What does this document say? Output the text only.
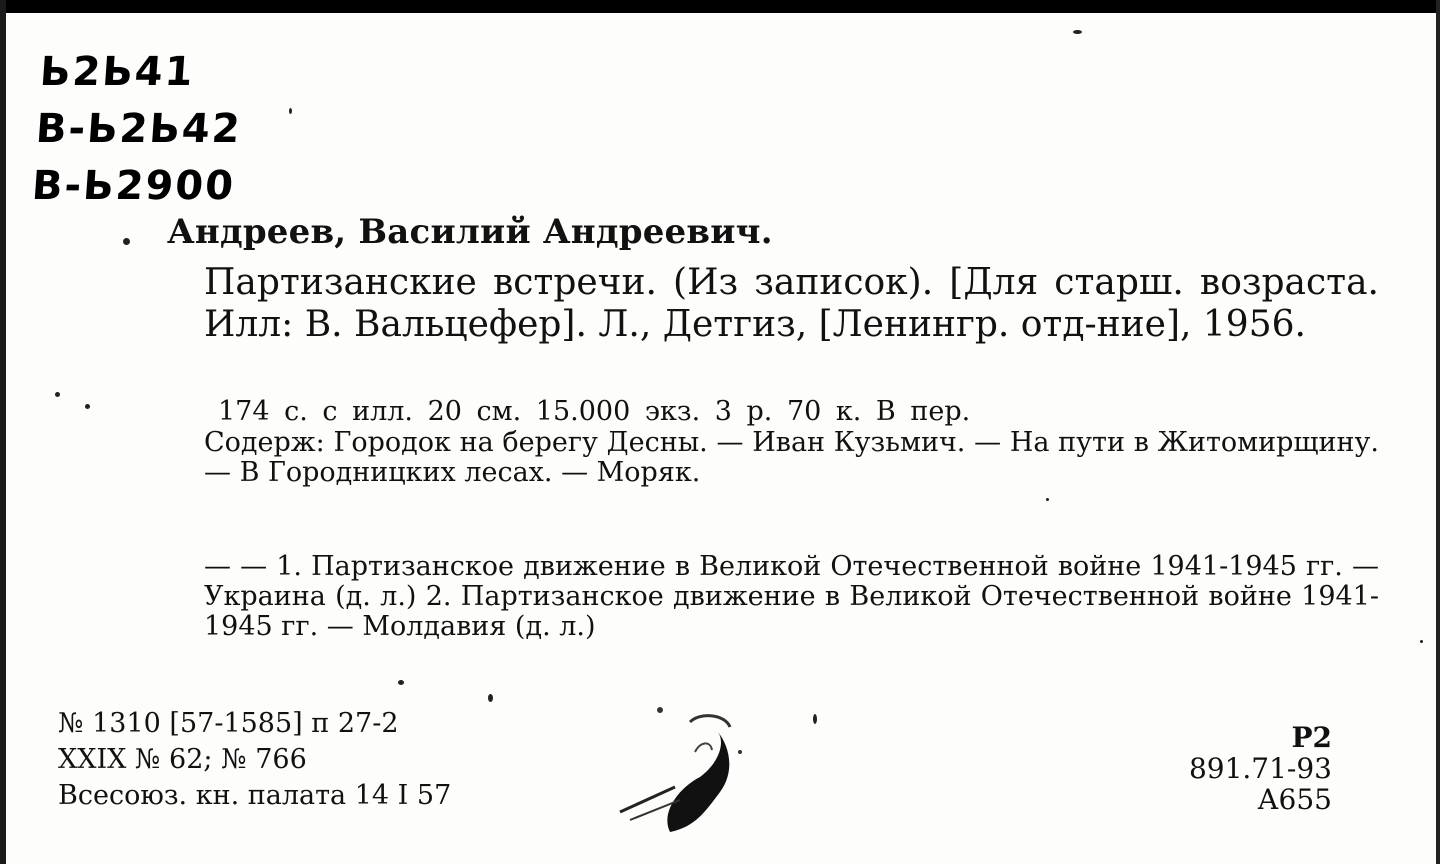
Ь2Ь41
В-Ь2Ь42
В-Ь2900
Андреев, Василий Андреевич.
Партизанские встречи. (Из записок). [Для старш. возраста. Илл: В. Вальцефер]. Л., Детгиз, [Ленингр. отд-ние], 1956.
174 с. с илл. 20 см. 15.000 экз. 3 р. 70 к. В пер.
Содерж: Городок на берегу Десны. — Иван Кузьмич. — На пути в Житомирщину. — В Городницких лесах. — Моряк.
— — 1. Партизанское движение в Великой Отечественной войне 1941-1945 гг. — Украина (д. л.) 2. Партизанское движение в Великой Отечественной войне 1941-1945 гг. — Молдавия (д. л.)
№ 1310 [57-1585] п 27-2
XXIX № 62; № 766
Всесоюз. кн. палата 14 I 57
Р2
891.71-93
А655
